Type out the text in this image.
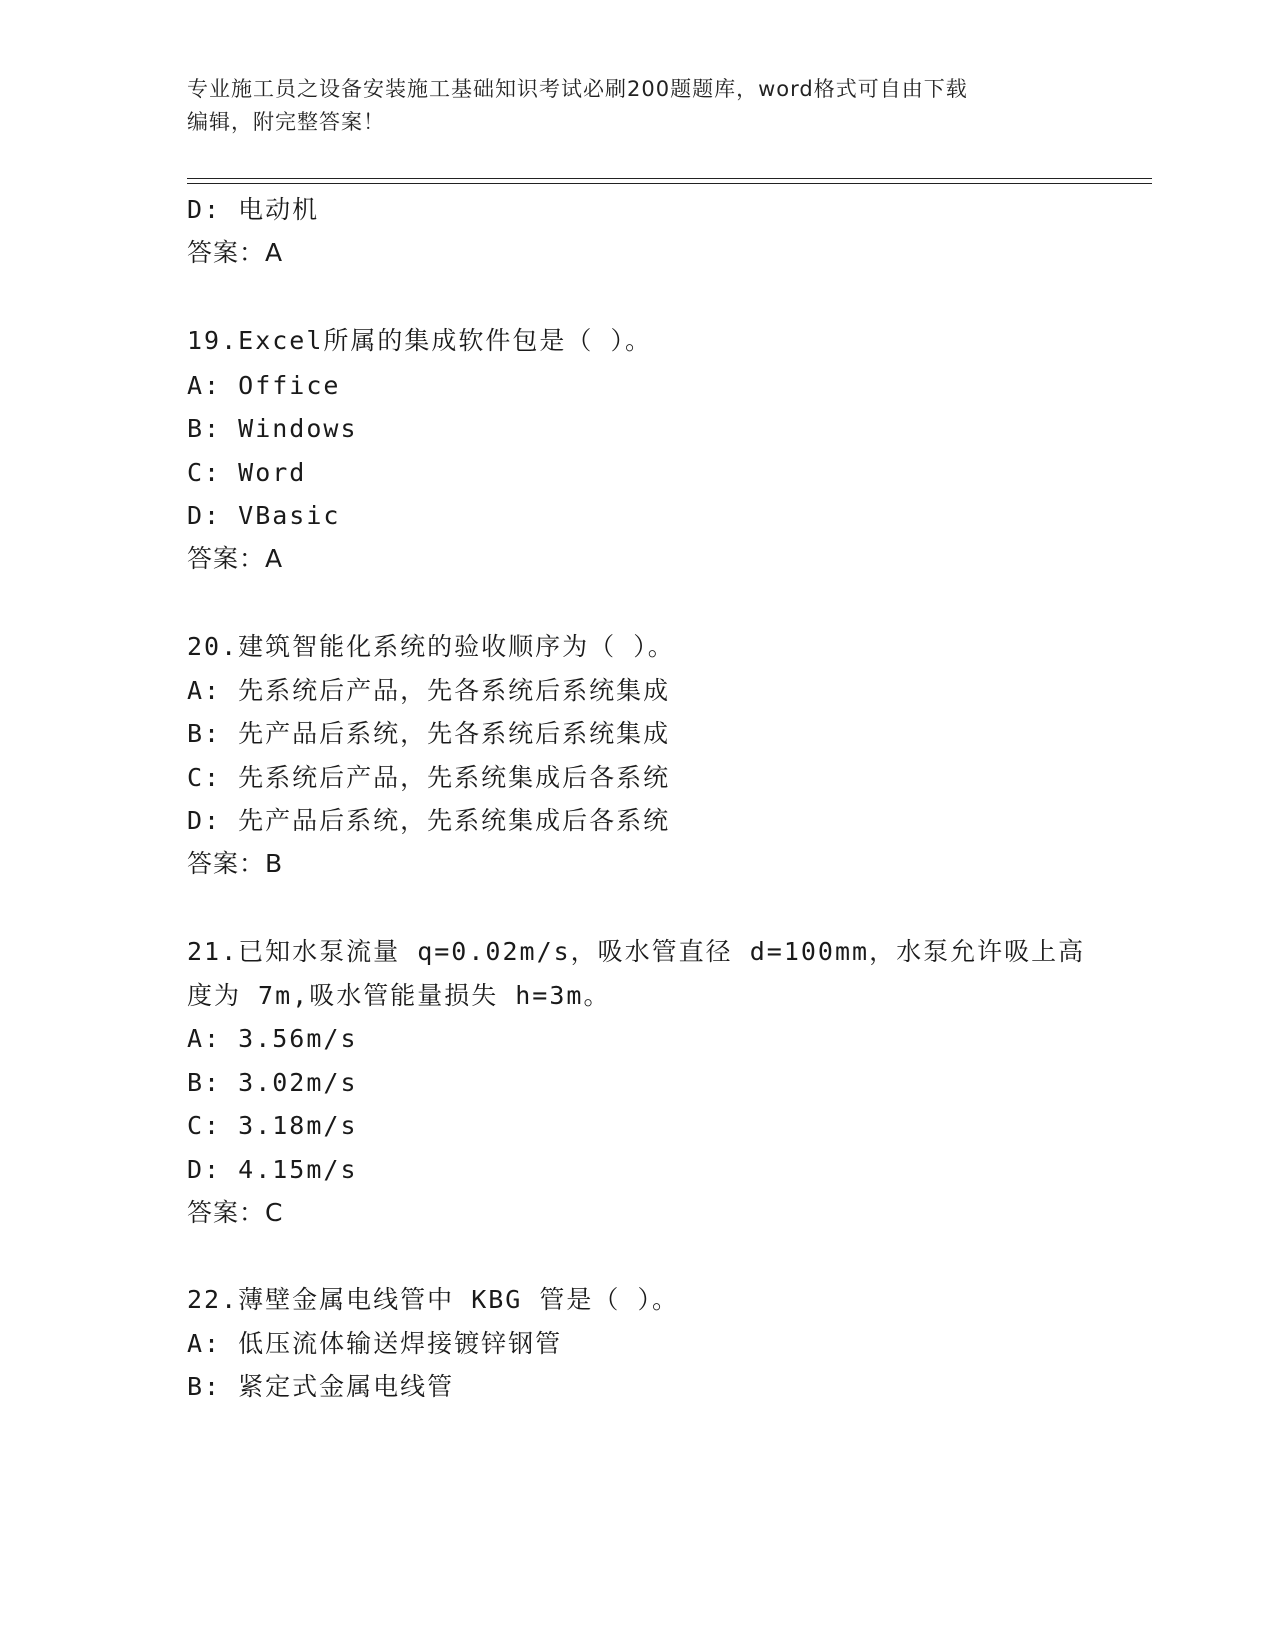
专业施工员之设备安装施工基础知识考试必刷200题题库，word格式可自由下载
编辑，附完整答案！
D: 电动机
答案：A
19.Excel所属的集成软件包是（ ）。
A: Office
B: Windows
C: Word
D: VBasic
答案：A
20.建筑智能化系统的验收顺序为（ ）。
A: 先系统后产品，先各系统后系统集成
B: 先产品后系统，先各系统后系统集成
C: 先系统后产品，先系统集成后各系统
D: 先产品后系统，先系统集成后各系统
答案：B
21.已知水泵流量 q=0.02m/s，吸水管直径 d=100mm，水泵允许吸上高
度为 7m,吸水管能量损失 h=3m。
A: 3.56m/s
B: 3.02m/s
C: 3.18m/s
D: 4.15m/s
答案：C
22.薄壁金属电线管中 KBG 管是（ ）。
A: 低压流体输送焊接镀锌钢管
B: 紧定式金属电线管
